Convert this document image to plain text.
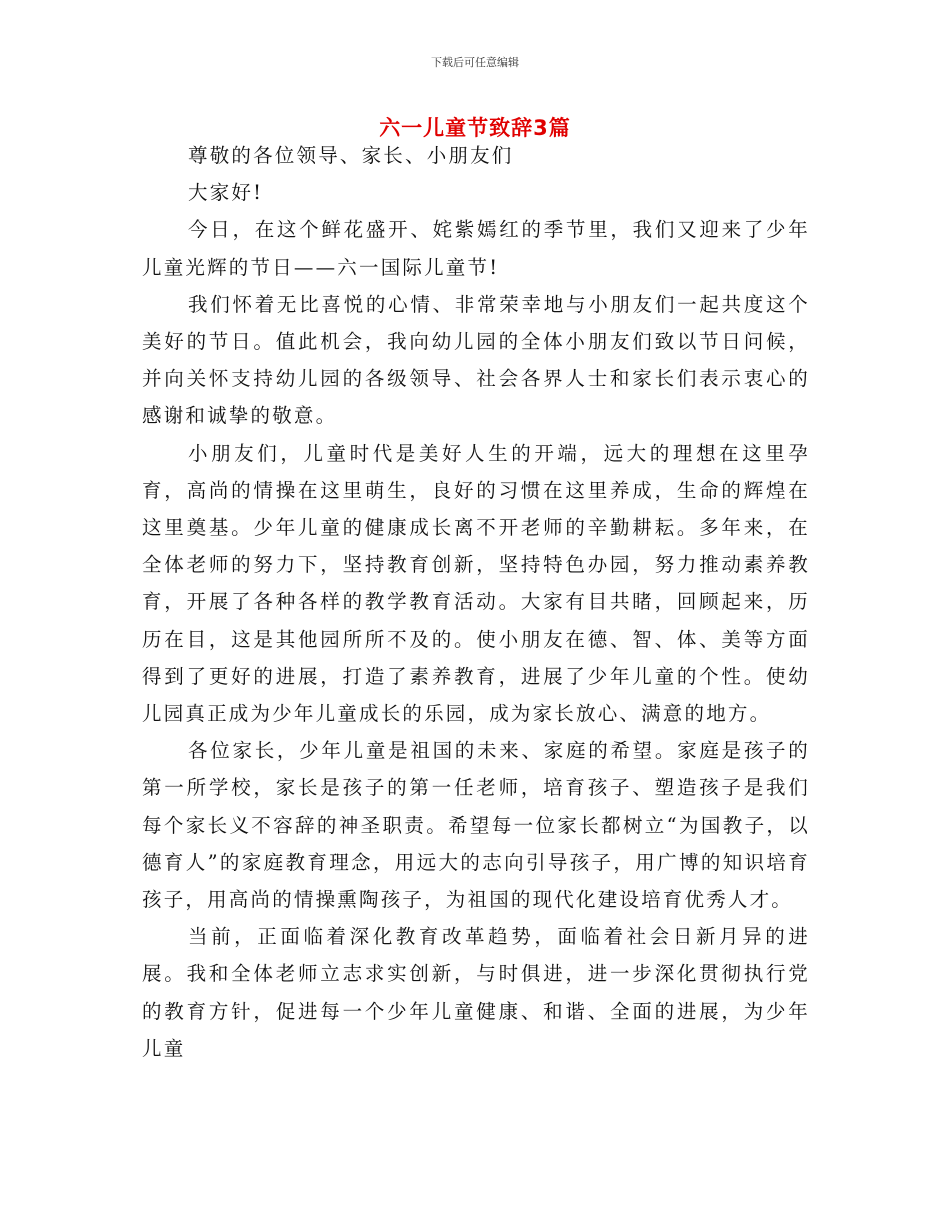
下载后可任意编辑
六一儿童节致辞3篇

尊敬的各位领导、家长、小朋友们

大家好!

今日，在这个鲜花盛开、姹紫嫣红的季节里，我们又迎来了少年儿童光辉的节日——六一国际儿童节!

我们怀着无比喜悦的心情、非常荣幸地与小朋友们一起共度这个美好的节日。值此机会，我向幼儿园的全体小朋友们致以节日问候，并向关怀支持幼儿园的各级领导、社会各界人士和家长们表示衷心的感谢和诚挚的敬意。

小朋友们，儿童时代是美好人生的开端，远大的理想在这里孕育，高尚的情操在这里萌生，良好的习惯在这里养成，生命的辉煌在这里奠基。少年儿童的健康成长离不开老师的辛勤耕耘。多年来，在全体老师的努力下，坚持教育创新，坚持特色办园，努力推动素养教育，开展了各种各样的教学教育活动。大家有目共睹，回顾起来，历历在目，这是其他园所所不及的。使小朋友在德、智、体、美等方面得到了更好的进展，打造了素养教育，进展了少年儿童的个性。使幼儿园真正成为少年儿童成长的乐园，成为家长放心、满意的地方。

各位家长，少年儿童是祖国的未来、家庭的希望。家庭是孩子的第一所学校，家长是孩子的第一任老师，培育孩子、塑造孩子是我们每个家长义不容辞的神圣职责。希望每一位家长都树立“为国教子，以德育人”的家庭教育理念，用远大的志向引导孩子，用广博的知识培育孩子，用高尚的情操熏陶孩子，为祖国的现代化建设培育优秀人才。

当前，正面临着深化教育改革趋势，面临着社会日新月异的进展。我和全体老师立志求实创新，与时俱进，进一步深化贯彻执行党的教育方针，促进每一个少年儿童健康、和谐、全面的进展，为少年儿童
